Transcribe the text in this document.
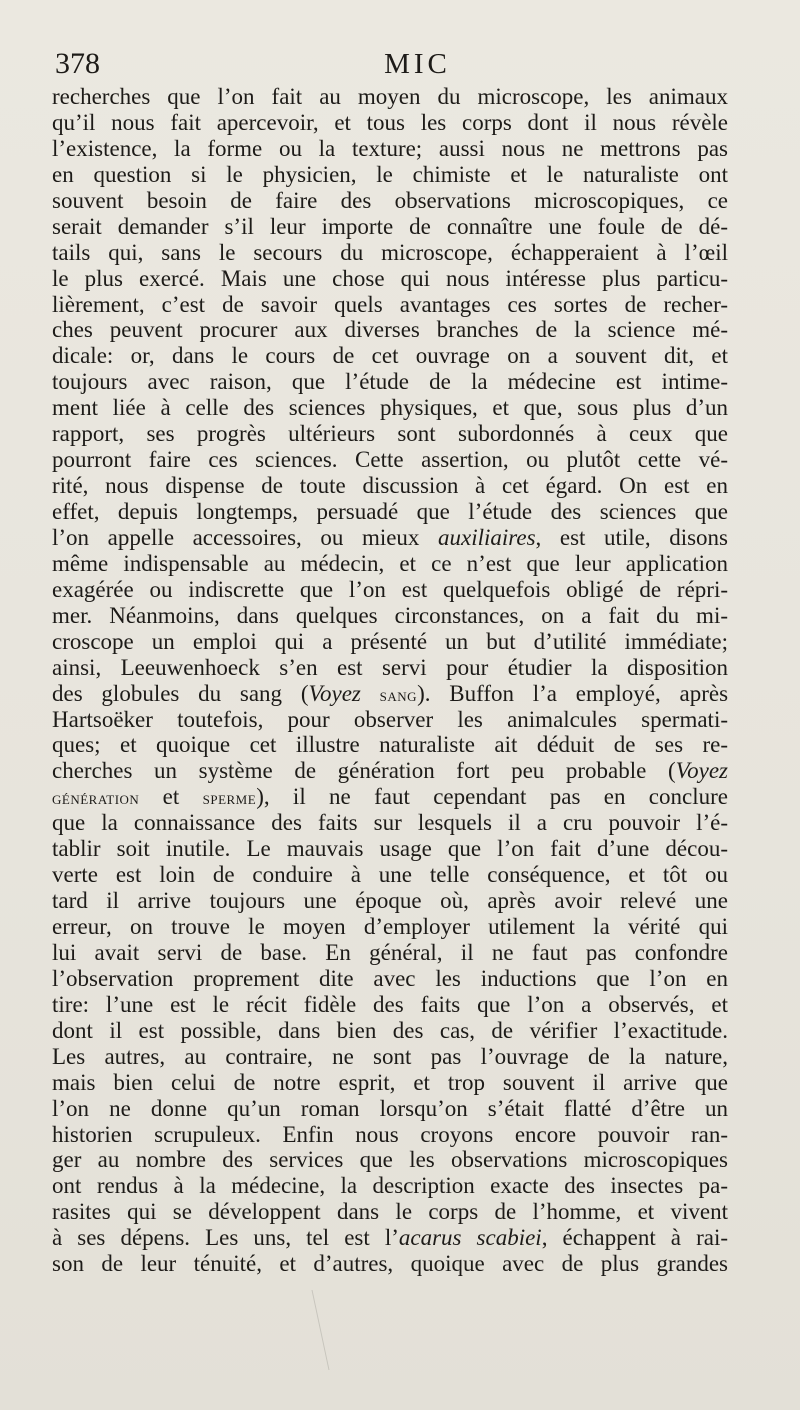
378	MIC
recherches que l’on fait au moyen du microscope, les animaux
qu’il nous fait apercevoir, et tous les corps dont il nous révèle
l’existence, la forme ou la texture; aussi nous ne mettrons pas
en question si le physicien, le chimiste et le naturaliste ont
souvent besoin de faire des observations microscopiques, ce
serait demander s’il leur importe de connaître une foule de dé-
tails qui, sans le secours du microscope, échapperaient à l’œil
le plus exercé. Mais une chose qui nous intéresse plus particu-
lièrement, c’est de savoir quels avantages ces sortes de recher-
ches peuvent procurer aux diverses branches de la science mé-
dicale: or, dans le cours de cet ouvrage on a souvent dit, et
toujours avec raison, que l’étude de la médecine est intime-
ment liée à celle des sciences physiques, et que, sous plus d’un
rapport, ses progrès ultérieurs sont subordonnés à ceux que
pourront faire ces sciences. Cette assertion, ou plutôt cette vé-
rité, nous dispense de toute discussion à cet égard. On est en
effet, depuis longtemps, persuadé que l’étude des sciences que
l’on appelle accessoires, ou mieux auxiliaires, est utile, disons
même indispensable au médecin, et ce n’est que leur application
exagérée ou indiscrette que l’on est quelquefois obligé de répri-
mer. Néanmoins, dans quelques circonstances, on a fait du mi-
croscope un emploi qui a présenté un but d’utilité immédiate;
ainsi, Leeuwenhoeck s’en est servi pour étudier la disposition
des globules du sang (Voyez sang). Buffon l’a employé, après
Hartsoëker toutefois, pour observer les animalcules spermati-
ques; et quoique cet illustre naturaliste ait déduit de ses re-
cherches un système de génération fort peu probable (Voyez
génération et sperme), il ne faut cependant pas en conclure
que la connaissance des faits sur lesquels il a cru pouvoir l’é-
tablir soit inutile. Le mauvais usage que l’on fait d’une décou-
verte est loin de conduire à une telle conséquence, et tôt ou
tard il arrive toujours une époque où, après avoir relevé une
erreur, on trouve le moyen d’employer utilement la vérité qui
lui avait servi de base. En général, il ne faut pas confondre
l’observation proprement dite avec les inductions que l’on en
tire: l’une est le récit fidèle des faits que l’on a observés, et
dont il est possible, dans bien des cas, de vérifier l’exactitude.
Les autres, au contraire, ne sont pas l’ouvrage de la nature,
mais bien celui de notre esprit, et trop souvent il arrive que
l’on ne donne qu’un roman lorsqu’on s’était flatté d’être un
historien scrupuleux. Enfin nous croyons encore pouvoir ran-
ger au nombre des services que les observations microscopiques
ont rendus à la médecine, la description exacte des insectes pa-
rasites qui se développent dans le corps de l’homme, et vivent
à ses dépens. Les uns, tel est l’acarus scabiei, échappent à rai-
son de leur ténuité, et d’autres, quoique avec de plus grandes
